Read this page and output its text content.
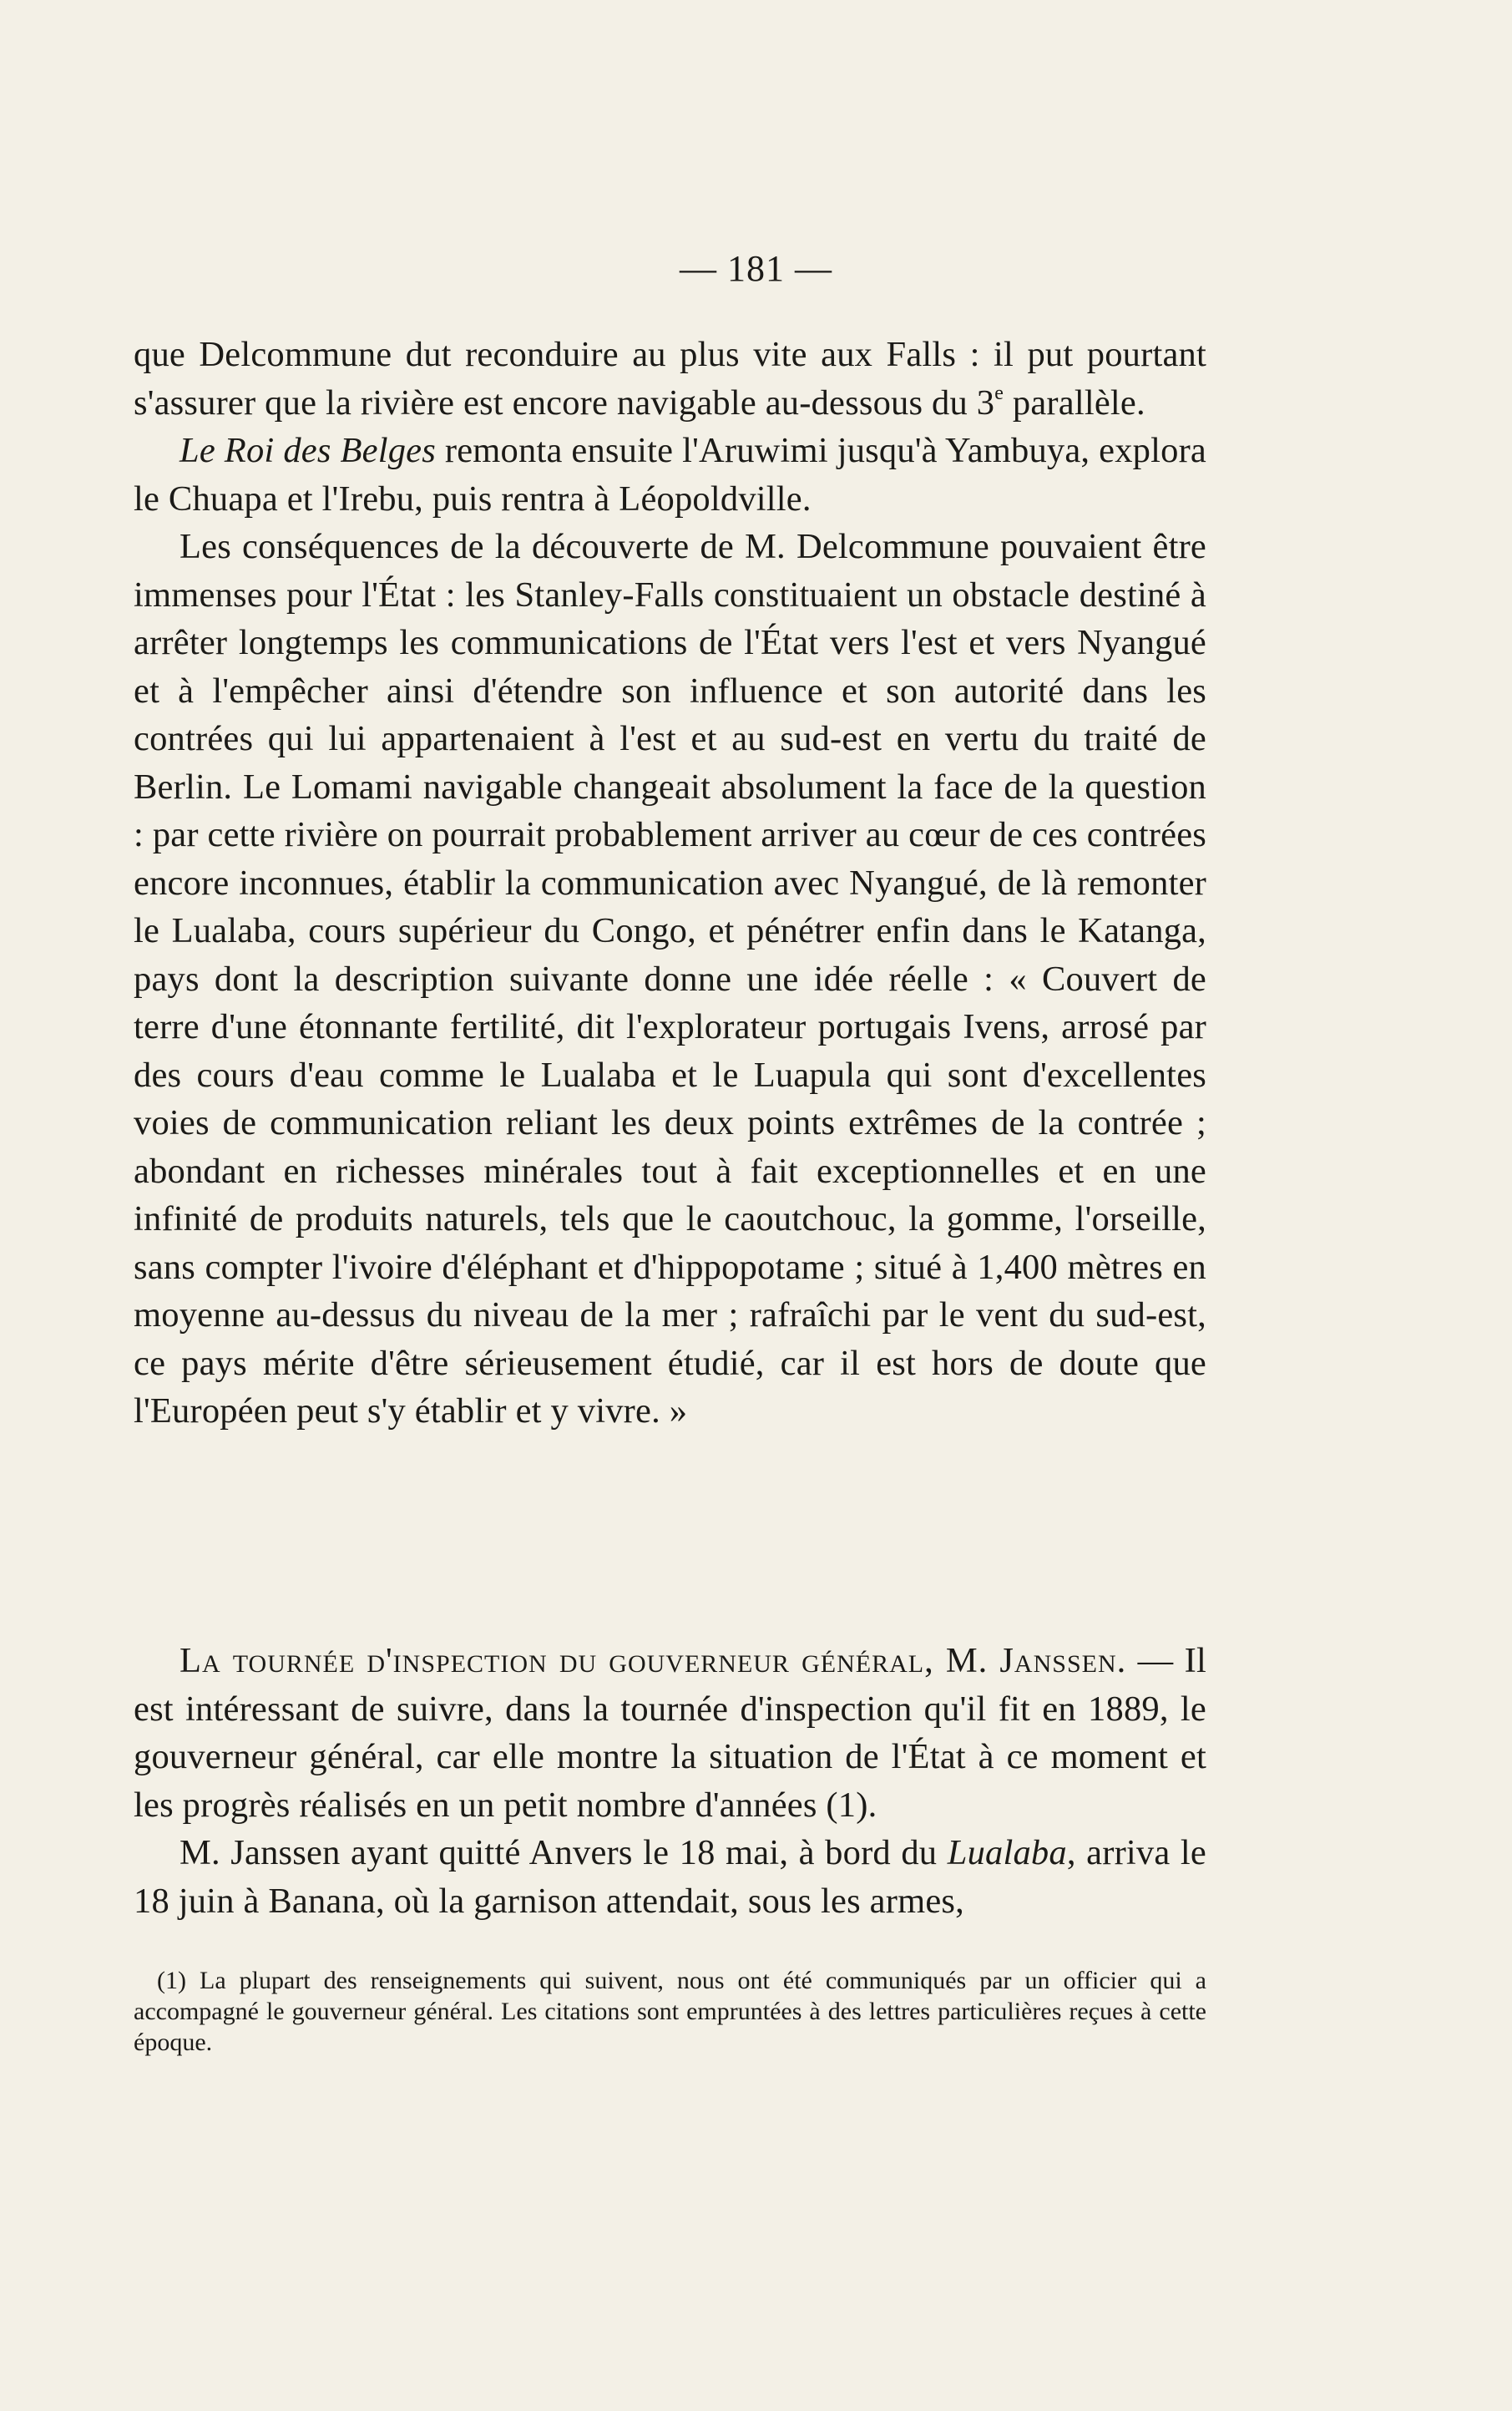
— 181 —

que Delcommune dut reconduire au plus vite aux Falls : il put pourtant s'assurer que la rivière est encore navigable au-dessous du 3e parallèle.

Le Roi des Belges remonta ensuite l'Aruwimi jusqu'à Yambuya, explora le Chuapa et l'Irebu, puis rentra à Léopoldville.

Les conséquences de la découverte de M. Delcommune pouvaient être immenses pour l'État : les Stanley-Falls constituaient un obstacle destiné à arrêter longtemps les communications de l'État vers l'est et vers Nyangué et à l'empêcher ainsi d'étendre son influence et son autorité dans les contrées qui lui appartenaient à l'est et au sud-est en vertu du traité de Berlin. Le Lomami navigable changeait absolument la face de la question : par cette rivière on pourrait probablement arriver au cœur de ces contrées encore inconnues, établir la communication avec Nyangué, de là remonter le Lualaba, cours supérieur du Congo, et pénétrer enfin dans le Katanga, pays dont la description suivante donne une idée réelle : « Couvert de terre d'une étonnante fertilité, dit l'explorateur portugais Ivens, arrosé par des cours d'eau comme le Lualaba et le Luapula qui sont d'excellentes voies de communication reliant les deux points extrêmes de la contrée ; abondant en richesses minérales tout à fait exceptionnelles et en une infinité de produits naturels, tels que le caoutchouc, la gomme, l'orseille, sans compter l'ivoire d'éléphant et d'hippopotame ; situé à 1,400 mètres en moyenne au-dessus du niveau de la mer ; rafraîchi par le vent du sud-est, ce pays mérite d'être sérieusement étudié, car il est hors de doute que l'Européen peut s'y établir et y vivre. »

La tournée d'inspection du gouverneur général, M. Janssen. — Il est intéressant de suivre, dans la tournée d'inspection qu'il fit en 1889, le gouverneur général, car elle montre la situation de l'État à ce moment et les progrès réalisés en un petit nombre d'années (1).

M. Janssen ayant quitté Anvers le 18 mai, à bord du Lualaba, arriva le 18 juin à Banana, où la garnison attendait, sous les armes,

(1) La plupart des renseignements qui suivent, nous ont été communiqués par un officier qui a accompagné le gouverneur général. Les citations sont empruntées à des lettres particulières reçues à cette époque.
